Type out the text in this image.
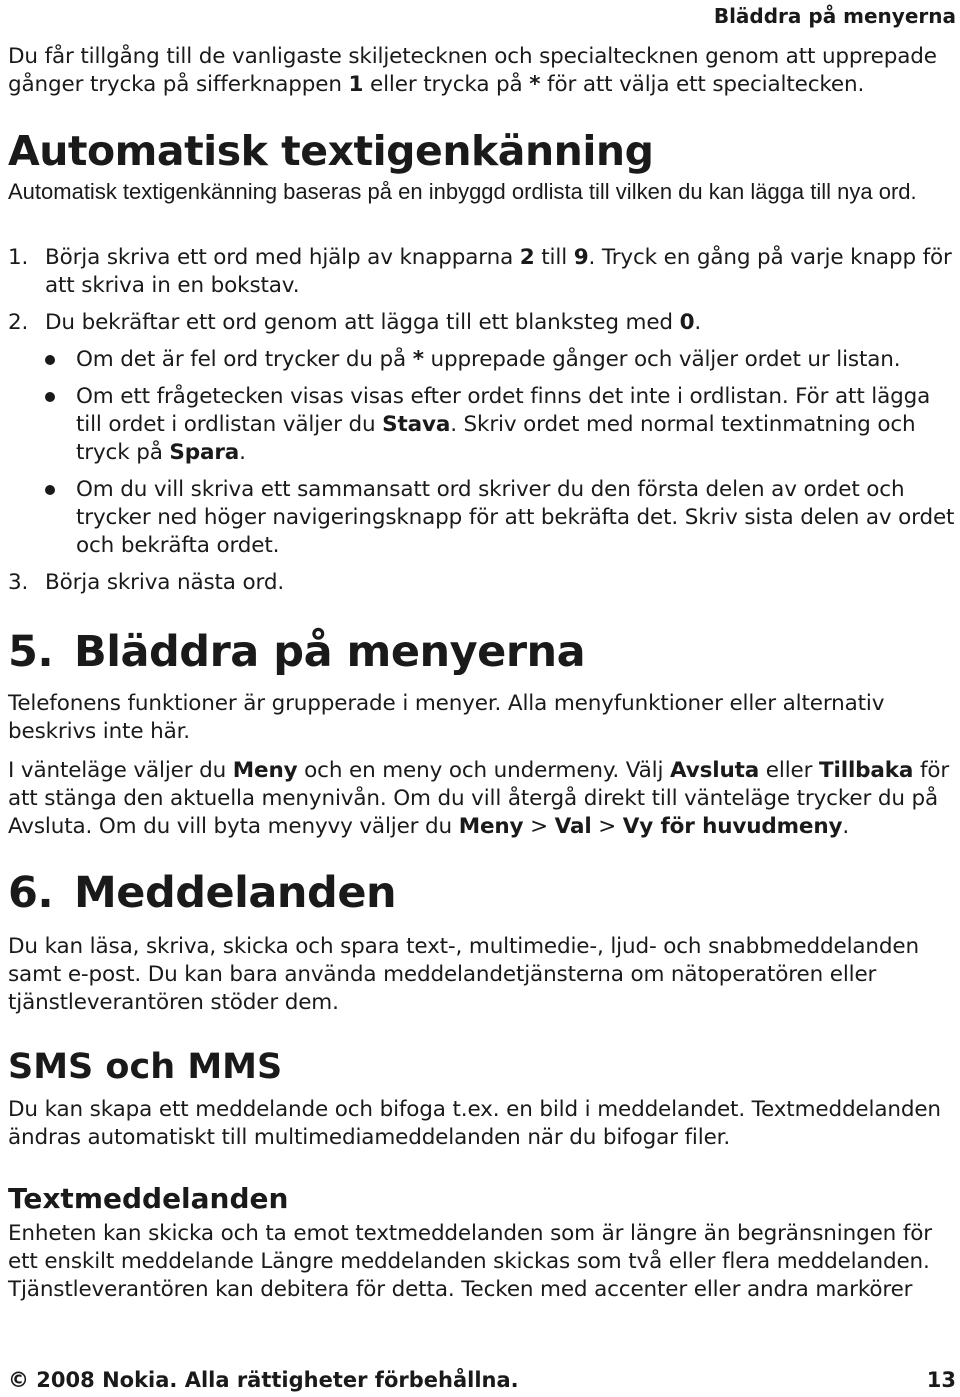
Bläddra på menyerna

Du får tillgång till de vanligaste skiljetecknen och specialtecknen genom att upprepade gånger trycka på sifferknappen 1 eller trycka på * för att välja ett specialtecken.

Automatisk textigenkänning

Automatisk textigenkänning baseras på en inbyggd ordlista till vilken du kan lägga till nya ord.

1. Börja skriva ett ord med hjälp av knapparna 2 till 9. Tryck en gång på varje knapp för att skriva in en bokstav.
2. Du bekräftar ett ord genom att lägga till ett blanksteg med 0.
Om det är fel ord trycker du på * upprepade gånger och väljer ordet ur listan.
Om ett frågetecken visas visas efter ordet finns det inte i ordlistan. För att lägga till ordet i ordlistan väljer du Stava. Skriv ordet med normal textinmatning och tryck på Spara.
Om du vill skriva ett sammansatt ord skriver du den första delen av ordet och trycker ned höger navigeringsknapp för att bekräfta det. Skriv sista delen av ordet och bekräfta ordet.
3. Börja skriva nästa ord.
5. Bläddra på menyerna

Telefonens funktioner är grupperade i menyer. Alla menyfunktioner eller alternativ beskrivs inte här.

I vänteläge väljer du Meny och en meny och undermeny. Välj Avsluta eller Tillbaka för att stänga den aktuella menynivån. Om du vill återgå direkt till vänteläge trycker du på Avsluta. Om du vill byta menyvy väljer du Meny > Val > Vy för huvudmeny.

6. Meddelanden

Du kan läsa, skriva, skicka och spara text-, multimedie-, ljud- och snabbmeddelanden samt e-post. Du kan bara använda meddelandetjänsterna om nätoperatören eller tjänstleverantören stöder dem.

SMS och MMS

Du kan skapa ett meddelande och bifoga t.ex. en bild i meddelandet. Textmeddelanden ändras automatiskt till multimediameddelanden när du bifogar filer.

Textmeddelanden

Enheten kan skicka och ta emot textmeddelanden som är längre än begränsningen för ett enskilt meddelande Längre meddelanden skickas som två eller flera meddelanden. Tjänstleverantören kan debitera för detta. Tecken med accenter eller andra markörer

© 2008 Nokia. Alla rättigheter förbehållna.	13
